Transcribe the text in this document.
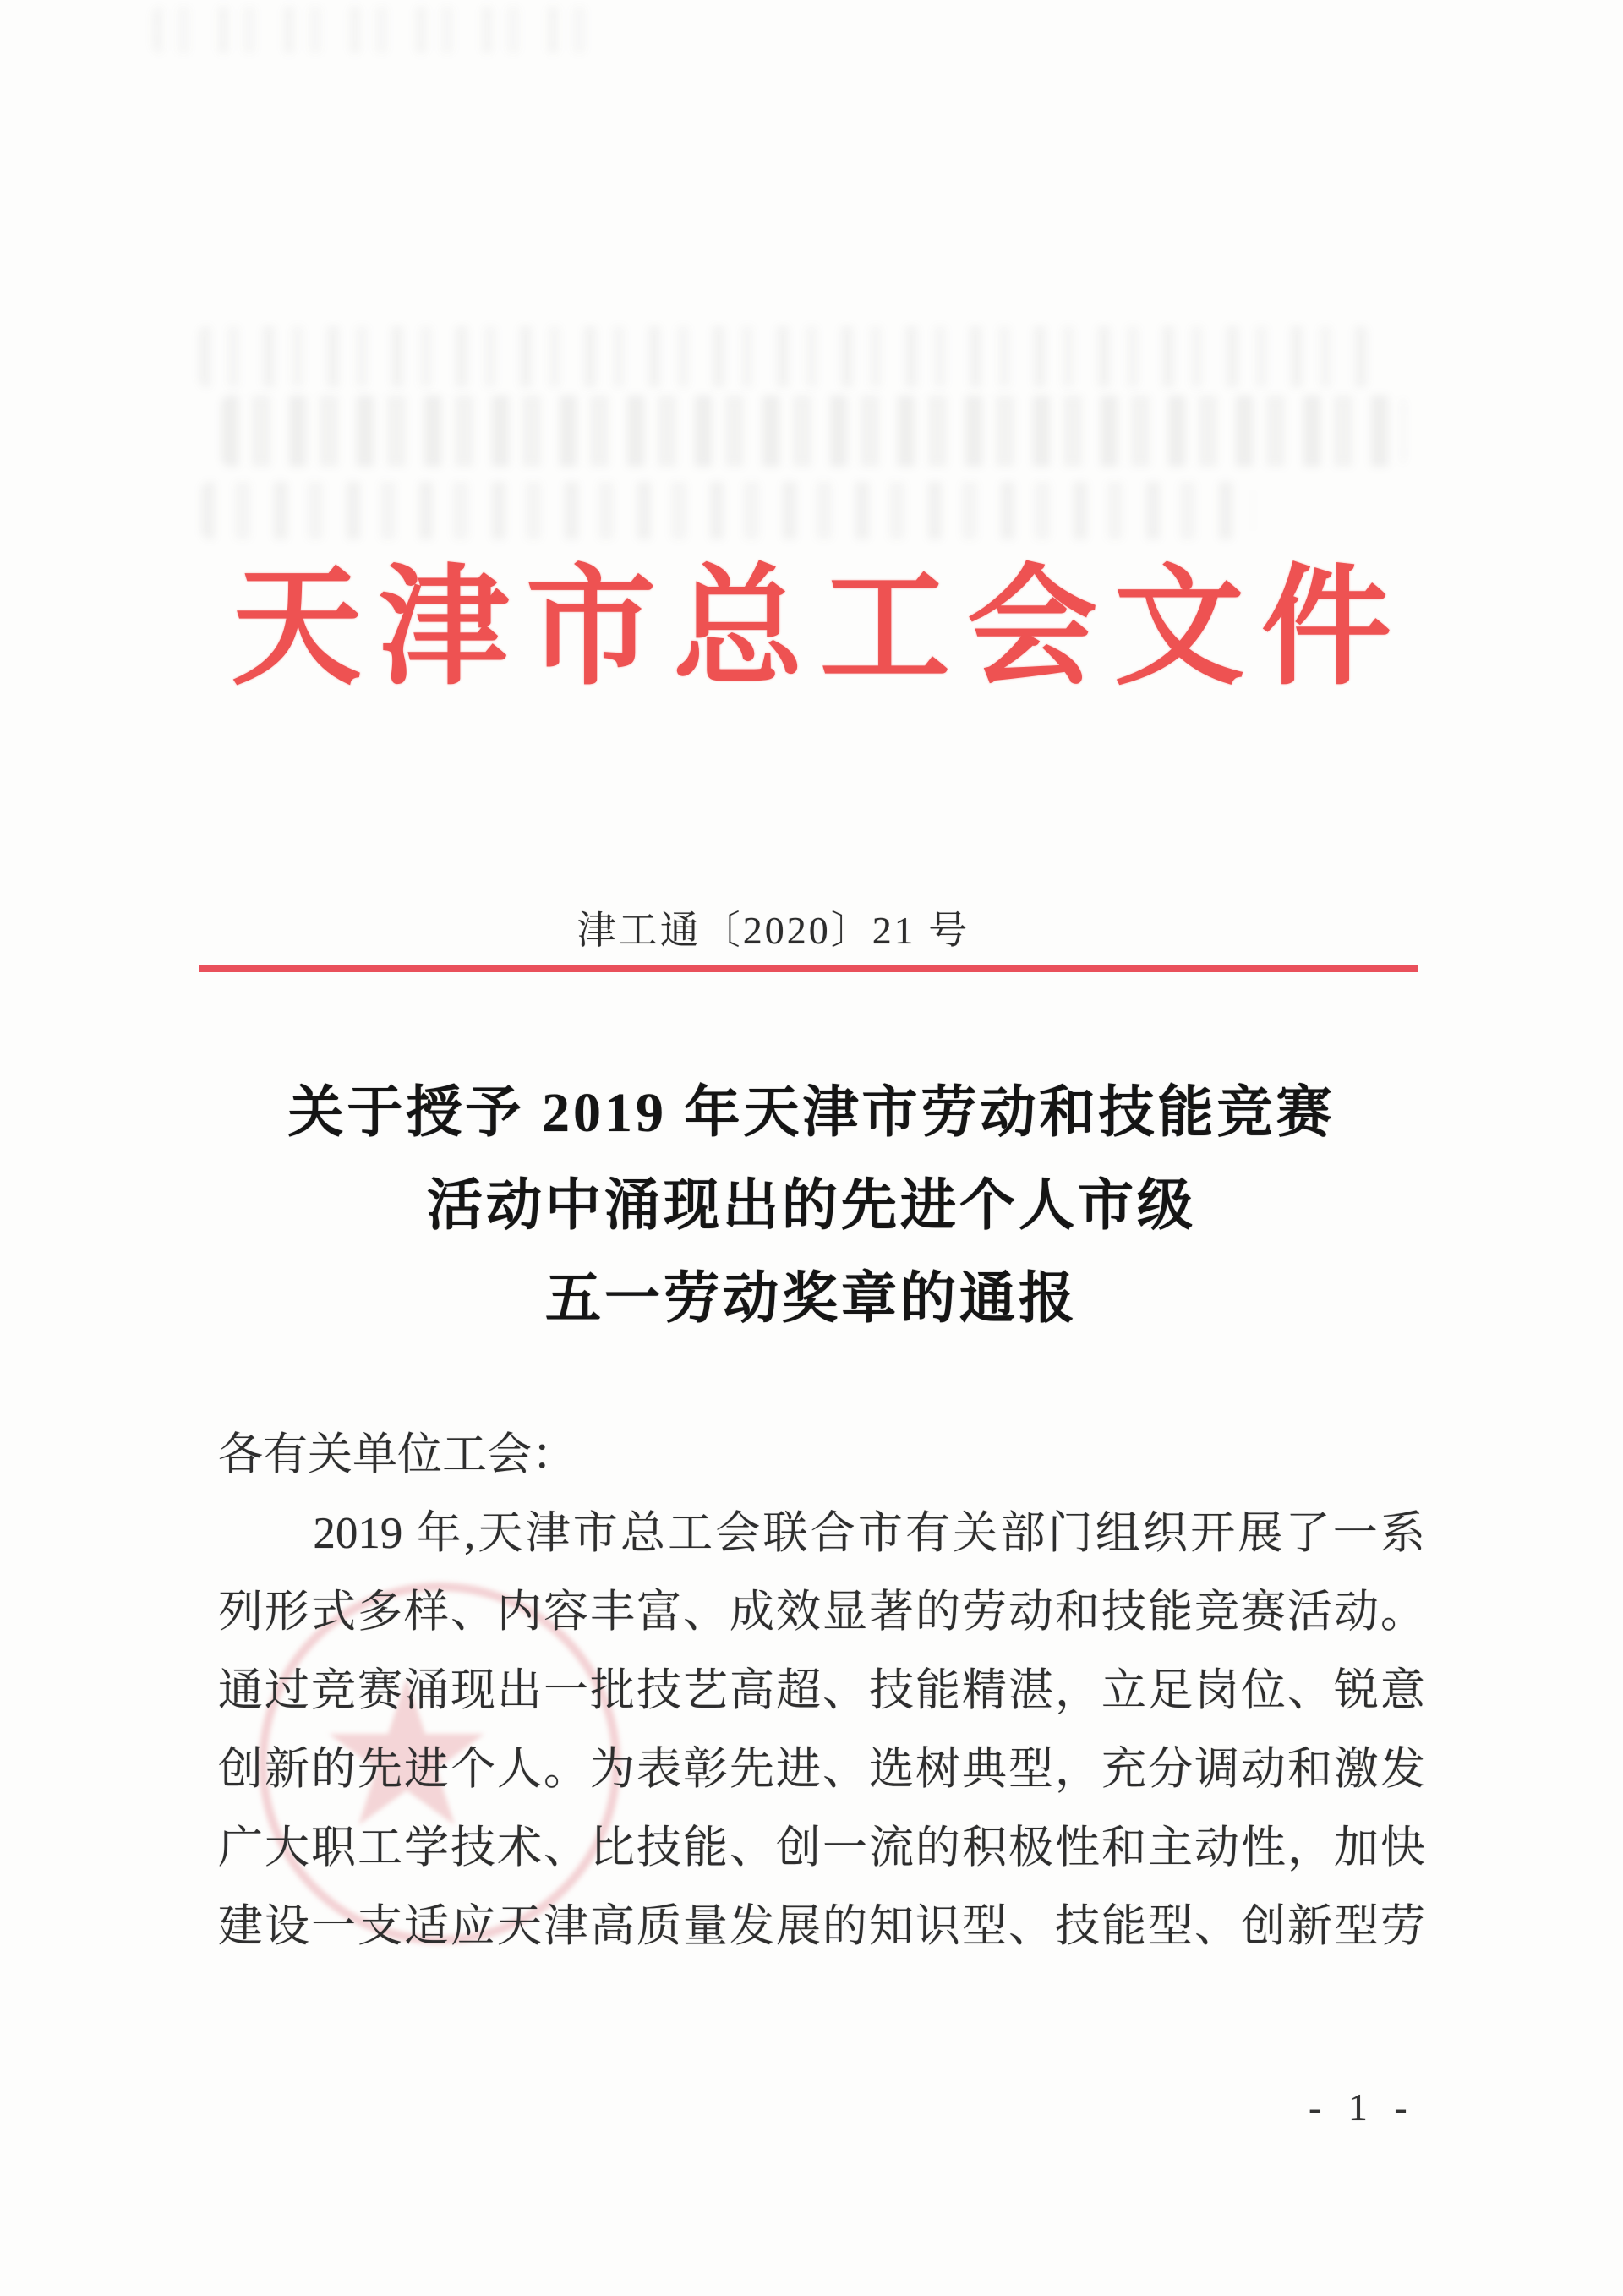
天津市总工会文件
津工通〔2020〕21 号
关于授予 2019 年天津市劳动和技能竞赛
活动中涌现出的先进个人市级
五一劳动奖章的通报
★
各有关单位工会：
　　2019 年,天津市总工会联合市有关部门组织开展了一系
列形式多样、内容丰富、成效显著的劳动和技能竞赛活动。
通过竞赛涌现出一批技艺高超、技能精湛，立足岗位、锐意
创新的先进个人。为表彰先进、选树典型，充分调动和激发
广大职工学技术、比技能、创一流的积极性和主动性，加快
建设一支适应天津高质量发展的知识型、技能型、创新型劳
- 1 -
